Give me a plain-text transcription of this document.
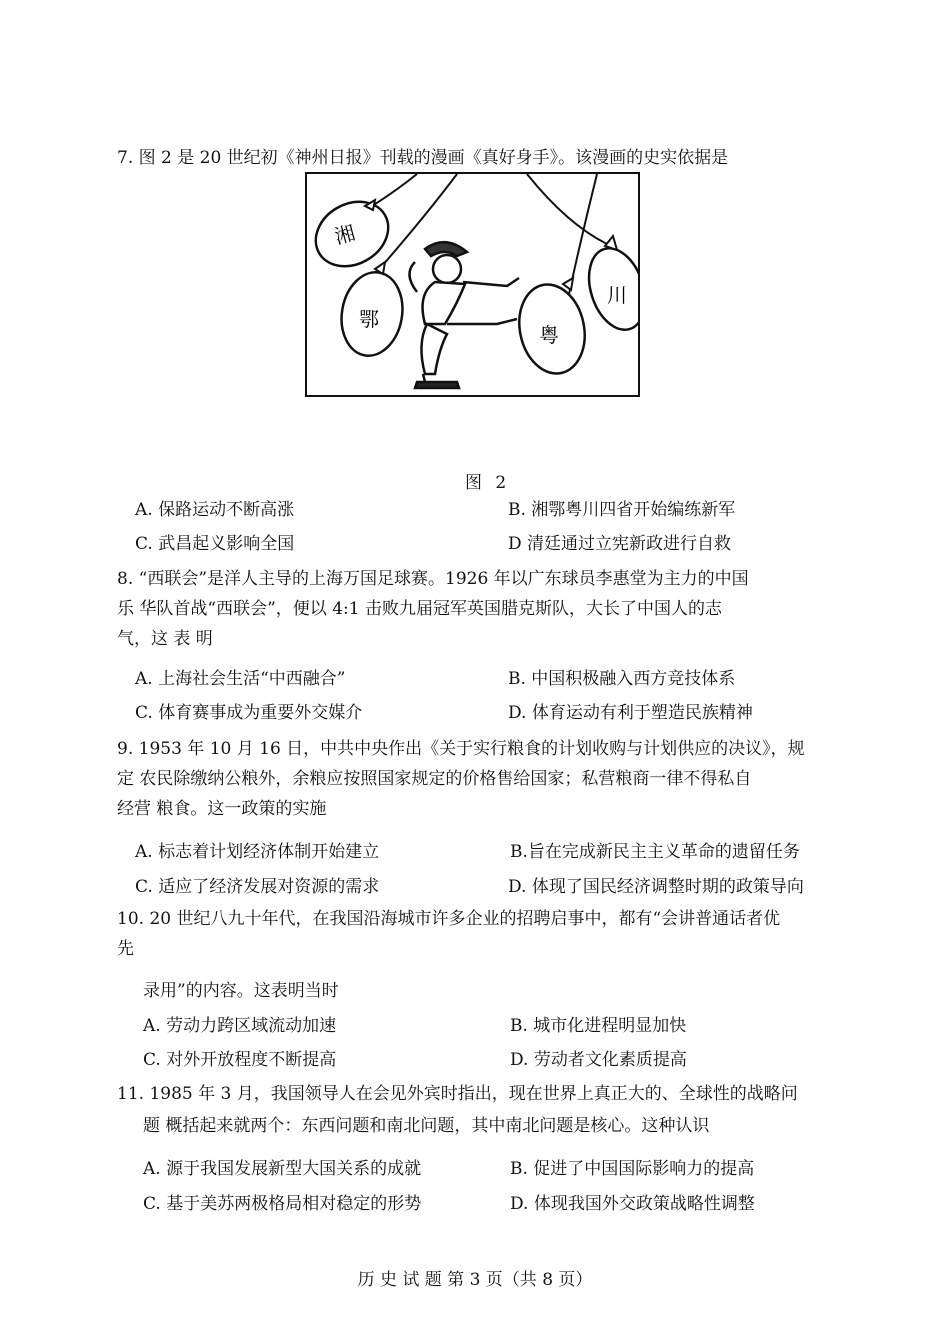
7. 图 2 是 20 世纪初《神州日报》刊载的漫画《真好身手》。该漫画的史实依据是
湘
鄂
粤
川
图 2
A. 保路运动不断高涨	B. 湘鄂粤川四省开始编练新军
C. 武昌起义影响全国	D 清廷通过立宪新政进行自救
8. “西联会”是洋人主导的上海万国足球赛。1926 年以广东球员李惠堂为主力的中国
乐 华队首战“西联会”，便以 4:1 击败九届冠军英国腊克斯队，大长了中国人的志
气，这 表 明
A. 上海社会生活“中西融合”	B. 中国积极融入西方竞技体系
C. 体育赛事成为重要外交媒介	D. 体育运动有利于塑造民族精神
9. 1953 年 10 月 16 日，中共中央作出《关于实行粮食的计划收购与计划供应的决议》，规
定 农民除缴纳公粮外，余粮应按照国家规定的价格售给国家；私营粮商一律不得私自
经营 粮食。这一政策的实施
A. 标志着计划经济体制开始建立	B.旨在完成新民主主义革命的遗留任务
C. 适应了经济发展对资源的需求	D. 体现了国民经济调整时期的政策导向
10. 20 世纪八九十年代，在我国沿海城市许多企业的招聘启事中，都有“会讲普通话者优
先
录用”的内容。这表明当时
A. 劳动力跨区域流动加速	B. 城市化进程明显加快
C. 对外开放程度不断提高	D. 劳动者文化素质提高
11. 1985 年 3 月，我国领导人在会见外宾时指出，现在世界上真正大的、全球性的战略问
题 概括起来就两个：东西问题和南北问题，其中南北问题是核心。这种认识
A. 源于我国发展新型大国关系的成就	B. 促进了中国国际影响力的提高
C. 基于美苏两极格局相对稳定的形势	D. 体现我国外交政策战略性调整
历 史 试 题 第 3 页（共 8 页）
